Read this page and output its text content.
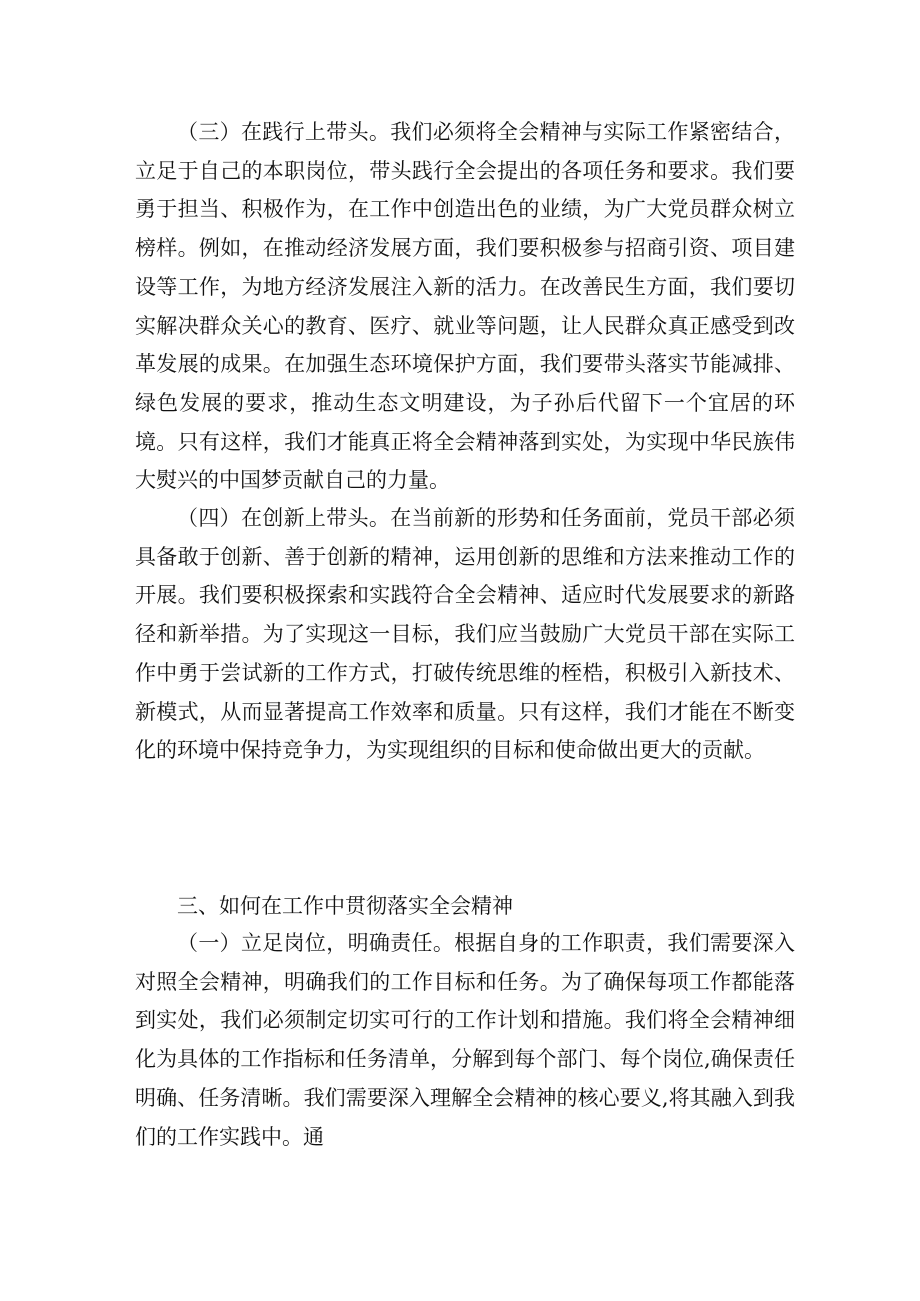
（三）在践行上带头。我们必须将全会精神与实际工作紧密结合，立足于自己的本职岗位，带头践行全会提出的各项任务和要求。我们要勇于担当、积极作为，在工作中创造出色的业绩，为广大党员群众树立榜样。例如，在推动经济发展方面，我们要积极参与招商引资、项目建设等工作，为地方经济发展注入新的活力。在改善民生方面，我们要切实解决群众关心的教育、医疗、就业等问题，让人民群众真正感受到改革发展的成果。在加强生态环境保护方面，我们要带头落实节能减排、绿色发展的要求，推动生态文明建设，为子孙后代留下一个宜居的环境。只有这样，我们才能真正将全会精神落到实处，为实现中华民族伟大熨兴的中国梦贡献自己的力量。

（四）在创新上带头。在当前新的形势和任务面前，党员干部必须具备敢于创新、善于创新的精神，运用创新的思维和方法来推动工作的开展。我们要积极探索和实践符合全会精神、适应时代发展要求的新路径和新举措。为了实现这一目标，我们应当鼓励广大党员干部在实际工作中勇于尝试新的工作方式，打破传统思维的桎梏，积极引入新技术、新模式，从而显著提高工作效率和质量。只有这样，我们才能在不断变化的环境中保持竞争力，为实现组织的目标和使命做出更大的贡献。

三、如何在工作中贯彻落实全会精神

（一）立足岗位，明确责任。根据自身的工作职责，我们需要深入对照全会精神，明确我们的工作目标和任务。为了确保每项工作都能落到实处，我们必须制定切实可行的工作计划和措施。我们将全会精神细化为具体的工作指标和任务清单，分解到每个部门、每个岗位,确保责任明确、任务清晰。我们需要深入理解全会精神的核心要义,将其融入到我们的工作实践中。通
